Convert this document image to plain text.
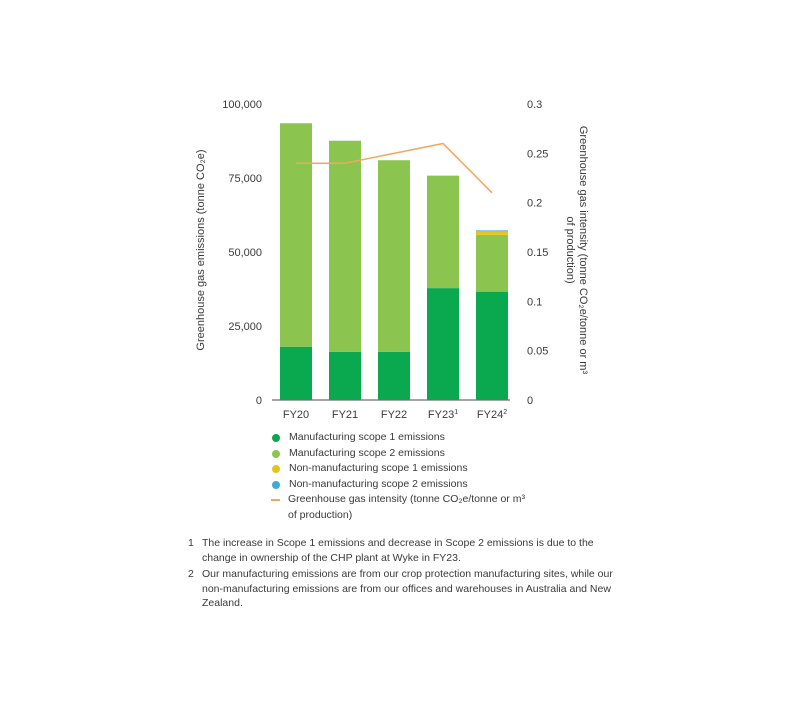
0
25,000
50,000
75,000
100,000
0
0.05
0.1
0.15
0.2
0.25
0.3
FY20 FY21 FY22 $FY23^1$ $FY24^2$
Greenhouse gas emissions (tonne CO₂e)	Greenhouse gas intensity (tonne CO₂e/tonne or m³
of production)
Manufacturing scope 1 emissions
Manufacturing scope 2 emissions
Non-manufacturing scope 1 emissions
Non-manufacturing scope 2 emissions
Greenhouse gas intensity (tonne CO₂e/tonne or m³ of production)
1 The increase in Scope 1 emissions and decrease in Scope 2 emissions is due to the change in ownership of the CHP plant at Wyke in FY23.
2 Our manufacturing emissions are from our crop protection manufacturing sites, while our non-manufacturing emissions are from our offices and warehouses in Australia and New Zealand.
